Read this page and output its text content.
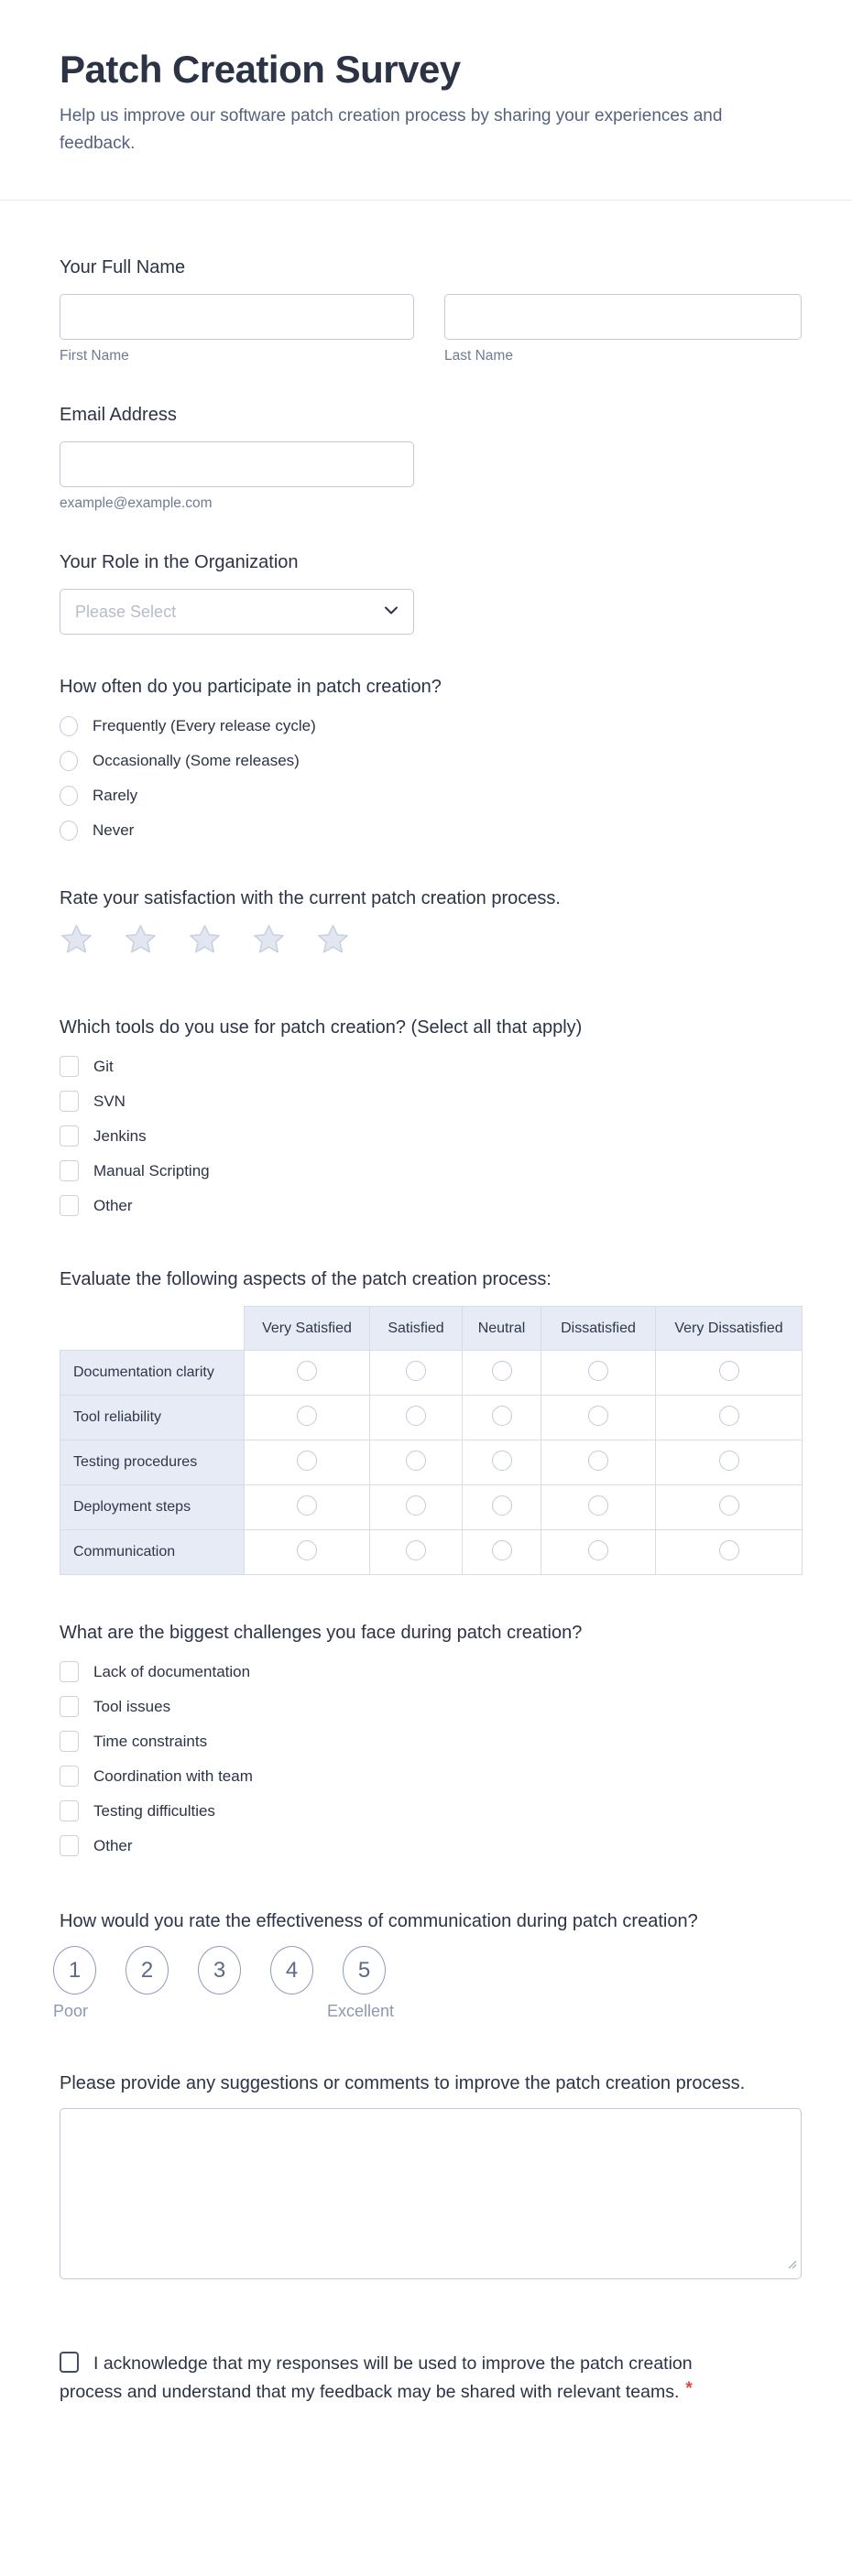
Patch Creation Survey

Help us improve our software patch creation process by sharing your experiences and feedback.

Your Full Name
First Name	Last Name
Email Address
example@example.com
Your Role in the Organization
Please Select
How often do you participate in patch creation?
Frequently (Every release cycle)
Occasionally (Some releases)
Rarely
Never
Rate your satisfaction with the current patch creation process.
Which tools do you use for patch creation? (Select all that apply)
Git
SVN
Jenkins
Manual Scripting
Other
Evaluate the following aspects of the patch creation process:
	Very Satisfied	Satisfied	Neutral	Dissatisfied	Very Dissatisfied
Documentation clarity					
Tool reliability					
Testing procedures					
Deployment steps					
Communication					
What are the biggest challenges you face during patch creation?
Lack of documentation
Tool issues
Time constraints
Coordination with team
Testing difficulties
Other
How would you rate the effectiveness of communication during patch creation?
1	2	3	4	5
Poor	Excellent
Please provide any suggestions or comments to improve the patch creation process.
I acknowledge that my responses will be used to improve the patch creation process and understand that my feedback may be shared with relevant teams. *
